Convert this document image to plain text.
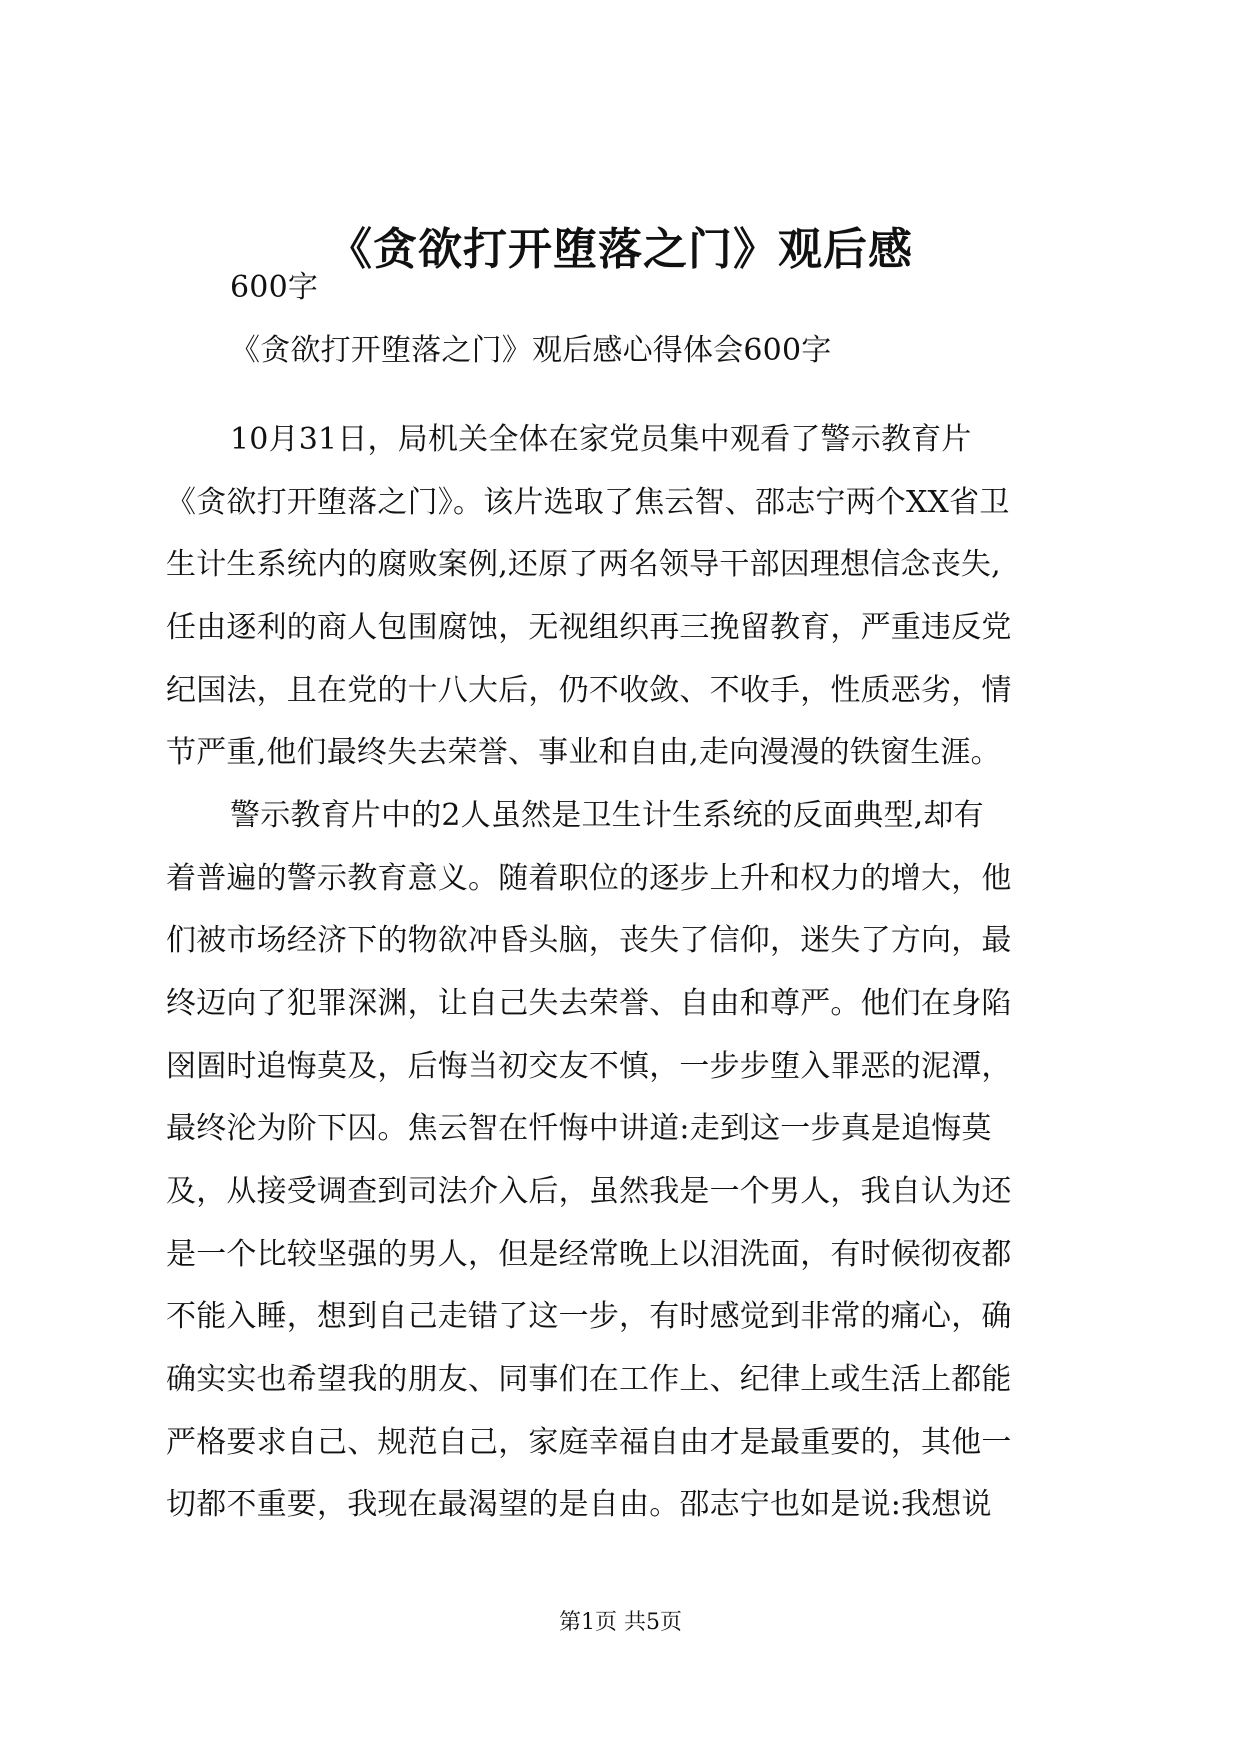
《贪欲打开堕落之门》观后感
600字
《贪欲打开堕落之门》观后感心得体会600字
10月31日，局机关全体在家党员集中观看了警示教育片
《贪欲打开堕落之门》。该片选取了焦云智、邵志宁两个XX省卫
生计生系统内的腐败案例,还原了两名领导干部因理想信念丧失,
任由逐利的商人包围腐蚀，无视组织再三挽留教育，严重违反党
纪国法，且在党的十八大后，仍不收敛、不收手，性质恶劣，情
节严重,他们最终失去荣誉、事业和自由,走向漫漫的铁窗生涯。
警示教育片中的2人虽然是卫生计生系统的反面典型,却有
着普遍的警示教育意义。随着职位的逐步上升和权力的增大，他
们被市场经济下的物欲冲昏头脑，丧失了信仰，迷失了方向，最
终迈向了犯罪深渊，让自己失去荣誉、自由和尊严。他们在身陷
囹圄时追悔莫及，后悔当初交友不慎，一步步堕入罪恶的泥潭，
最终沦为阶下囚。焦云智在忏悔中讲道:走到这一步真是追悔莫
及，从接受调查到司法介入后，虽然我是一个男人，我自认为还
是一个比较坚强的男人，但是经常晚上以泪洗面，有时候彻夜都
不能入睡，想到自己走错了这一步，有时感觉到非常的痛心，确
确实实也希望我的朋友、同事们在工作上、纪律上或生活上都能
严格要求自己、规范自己，家庭幸福自由才是最重要的，其他一
切都不重要，我现在最渴望的是自由。邵志宁也如是说:我想说
第1页 共5页
